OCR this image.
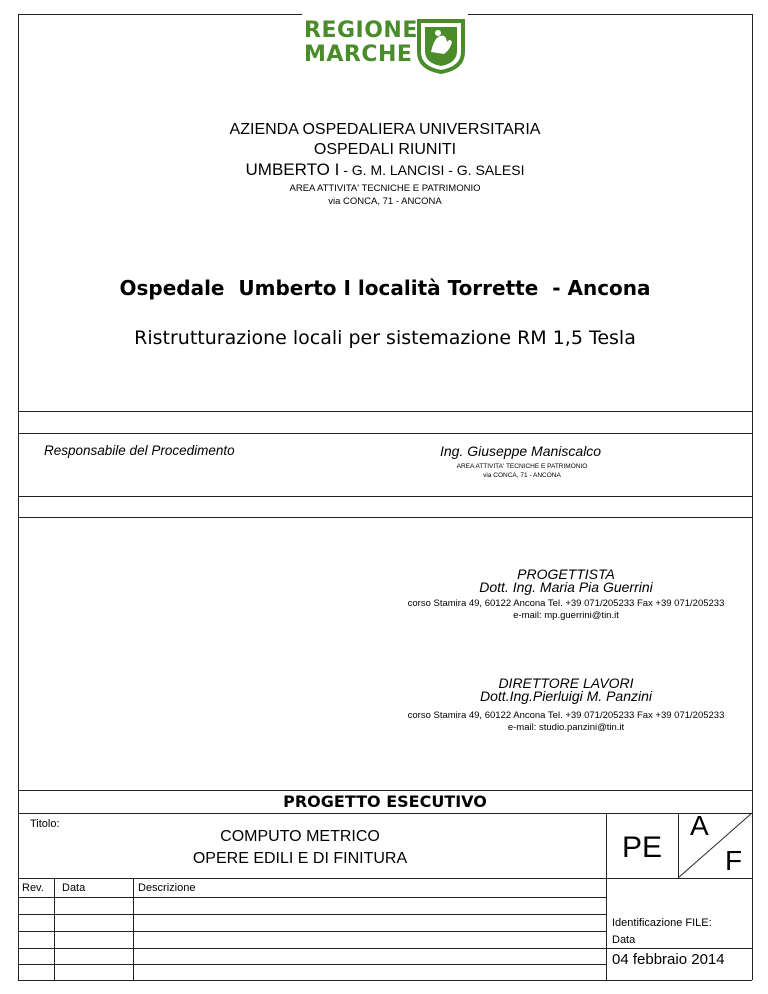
REGIONE
MARCHE
AZIENDA OSPEDALIERA UNIVERSITARIA
OSPEDALI RIUNITI
UMBERTO I - G. M. LANCISI - G. SALESI
AREA ATTIVITA' TECNICHE E PATRIMONIO
via CONCA, 71 - ANCONA
Ospedale  Umberto I località Torrette  - Ancona
Ristrutturazione locali per sistemazione RM 1,5 Tesla
Responsabile del Procedimento	Ing. Giuseppe Maniscalco
AREA ATTIVITA' TECNICHE E PATRIMONIO
via CONCA, 71 - ANCONA
PROGETTISTA
Dott. Ing. Maria Pia Guerrini
corso Stamira 49, 60122 Ancona Tel. +39 071/205233 Fax +39 071/205233
e-mail: mp.guerrini@tin.it
DIRETTORE LAVORI
Dott.Ing.Pierluigi M. Panzini
corso Stamira 49, 60122 Ancona Tel. +39 071/205233 Fax +39 071/205233
e-mail: studio.panzini@tin.it
PROGETTO ESECUTIVO
Titolo:
COMPUTO METRICO
OPERE EDILI E DI FINITURA	PE
A
F
Rev. Data	Descrizione
Identificazione FILE:
Data
04 febbraio 2014
